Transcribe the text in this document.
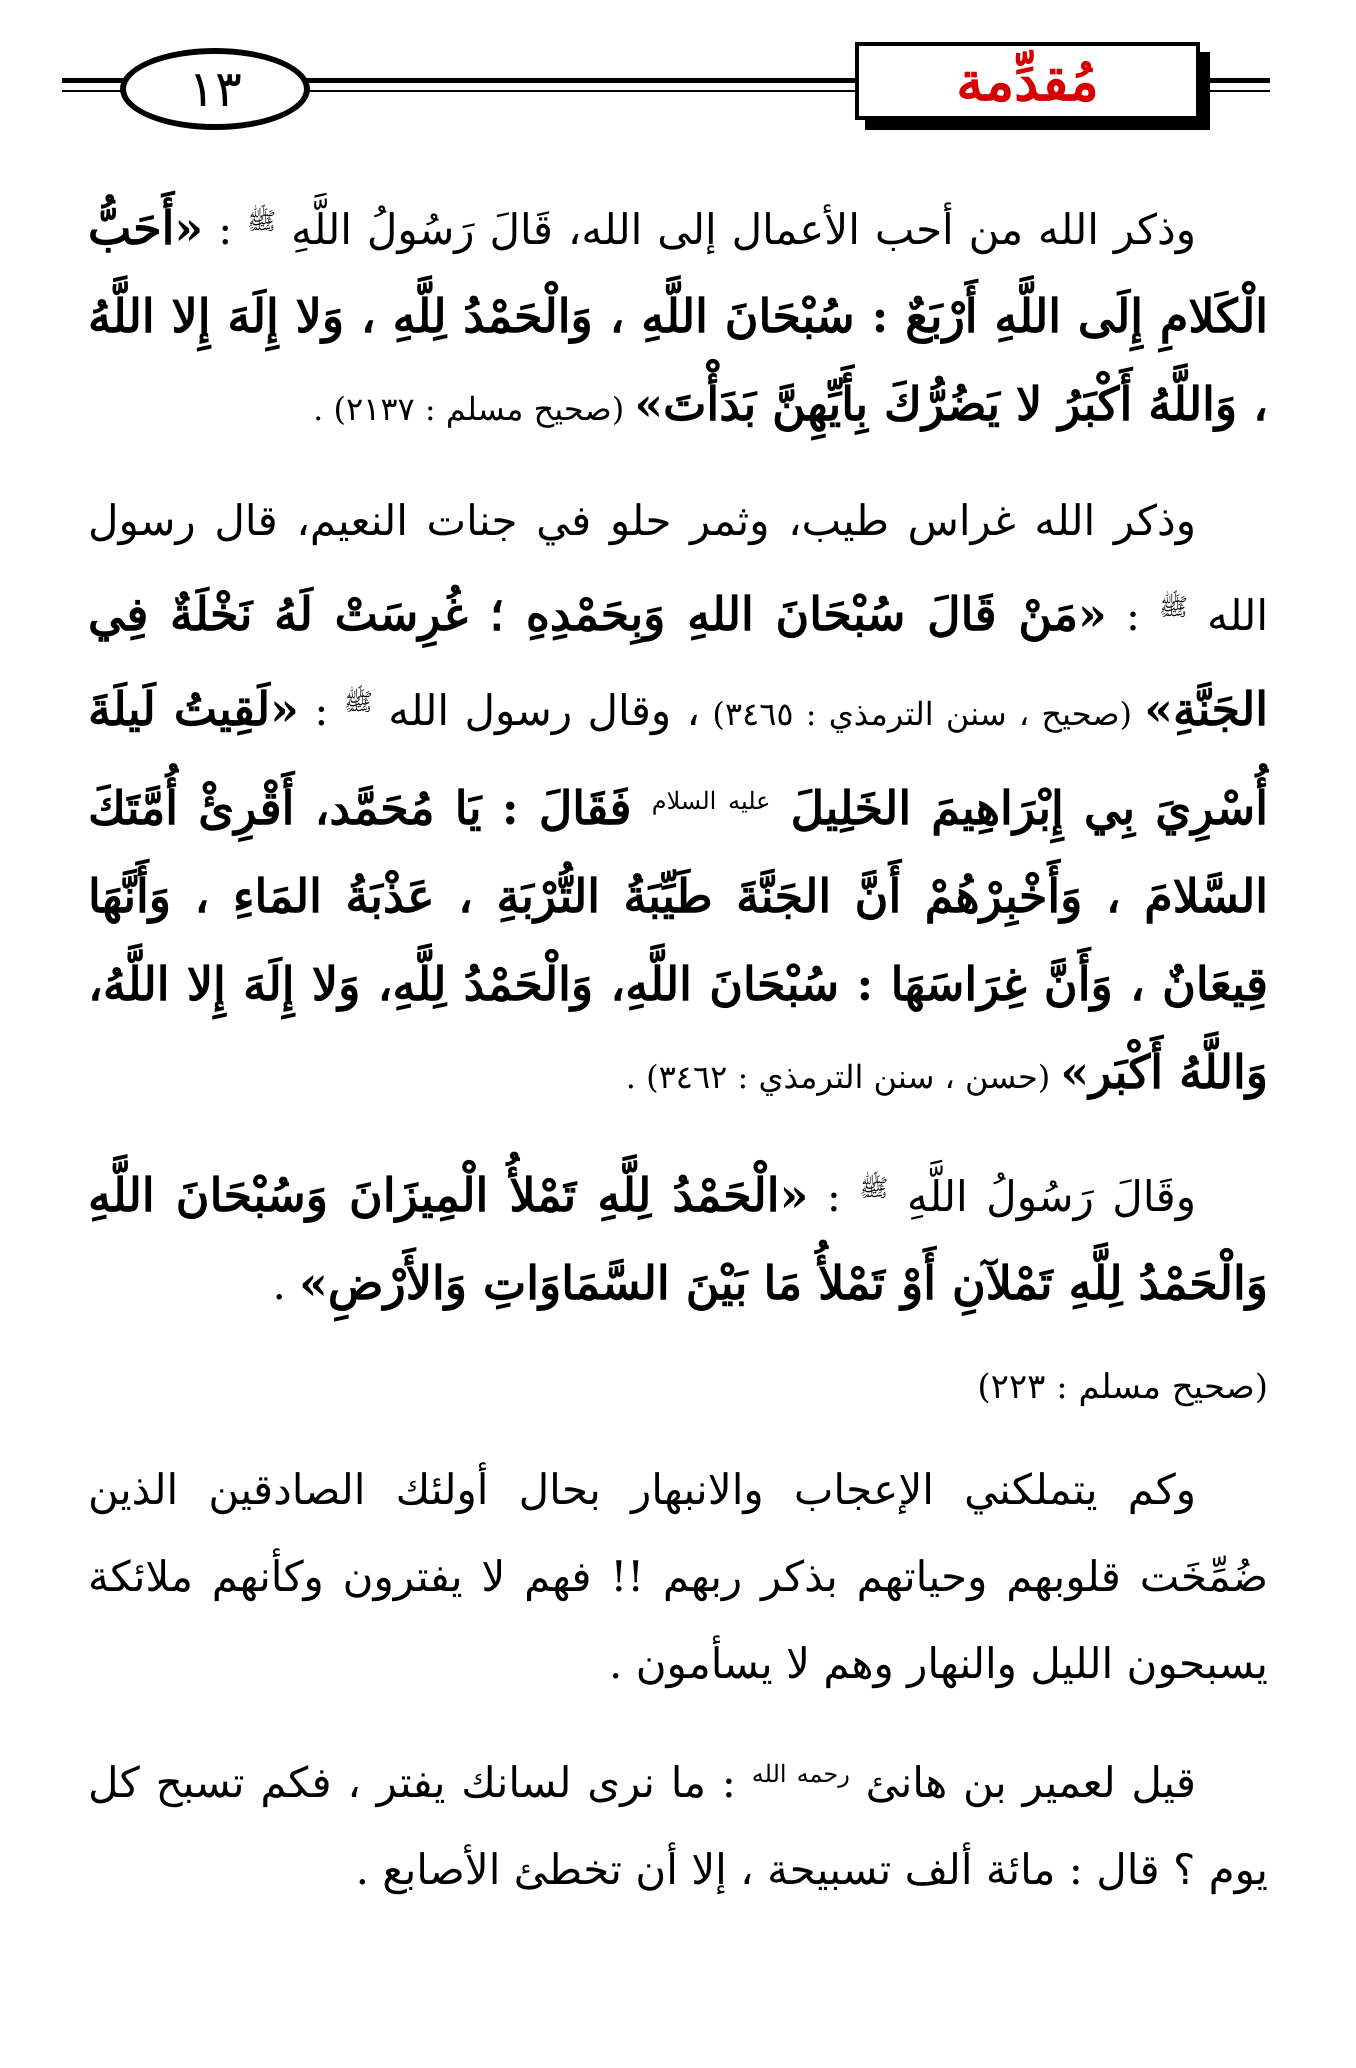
١٣	مُقدِّمة

وذكر الله من أحب الأعمال إلى الله، قَالَ رَسُولُ اللَّهِ $^ﷺ$ : «أَحَبُّ الْكَلامِ إِلَى اللَّهِ أَرْبَعٌ : سُبْحَانَ اللَّهِ ، وَالْحَمْدُ لِلَّهِ ، وَلا إِلَهَ إِلا اللَّهُ ، وَاللَّهُ أَكْبَرُ لا يَضُرُّكَ بِأَيِّهِنَّ بَدَأْتَ» (صحيح مسلم : ٢١٣٧) .

وذكر الله غراس طيب، وثمر حلو في جنات النعيم، قال رسول الله $^ﷺ$ : «مَنْ قَالَ سُبْحَانَ اللهِ وَبِحَمْدِهِ ؛ غُرِسَتْ لَهُ نَخْلَةٌ فِي الجَنَّةِ» (صحيح ، سنن الترمذي : ٣٤٦٥) ، وقال رسول الله $^ﷺ$ : «لَقِيتُ لَيلَةَ أُسْرِيَ بِي إِبْرَاهِيمَ الخَلِيلَ $^{عليه السلام}$ فَقَالَ : يَا مُحَمَّد، أَقْرِئْ أُمَّتَكَ السَّلامَ ، وَأَخْبِرْهُمْ أَنَّ الجَنَّةَ طَيِّبَةُ التُّرْبَةِ ، عَذْبَةُ المَاءِ ، وَأَنَّهَا قِيعَانٌ ، وَأَنَّ غِرَاسَهَا : سُبْحَانَ اللَّهِ، وَالْحَمْدُ لِلَّهِ، وَلا إِلَهَ إِلا اللَّهُ، وَاللَّهُ أَكْبَر» (حسن ، سنن الترمذي : ٣٤٦٢) .

وقَالَ رَسُولُ اللَّهِ $^ﷺ$ : «الْحَمْدُ لِلَّهِ تَمْلأُ الْمِيزَانَ وَسُبْحَانَ اللَّهِ وَالْحَمْدُ لِلَّهِ تَمْلآنِ أَوْ تَمْلأُ مَا بَيْنَ السَّمَاوَاتِ وَالأَرْضِ» .

(صحيح مسلم : ٢٢٣)

وكم يتملكني الإعجاب والانبهار بحال أولئك الصادقين الذين ضُمِّخَت قلوبهم وحياتهم بذكر ربهم !! فهم لا يفترون وكأنهم ملائكة يسبحون الليل والنهار وهم لا يسأمون .

قيل لعمير بن هانئ $^{رحمه الله}$ : ما نرى لسانك يفتر ، فكم تسبح كل يوم ؟ قال : مائة ألف تسبيحة ، إلا أن تخطئ الأصابع .
